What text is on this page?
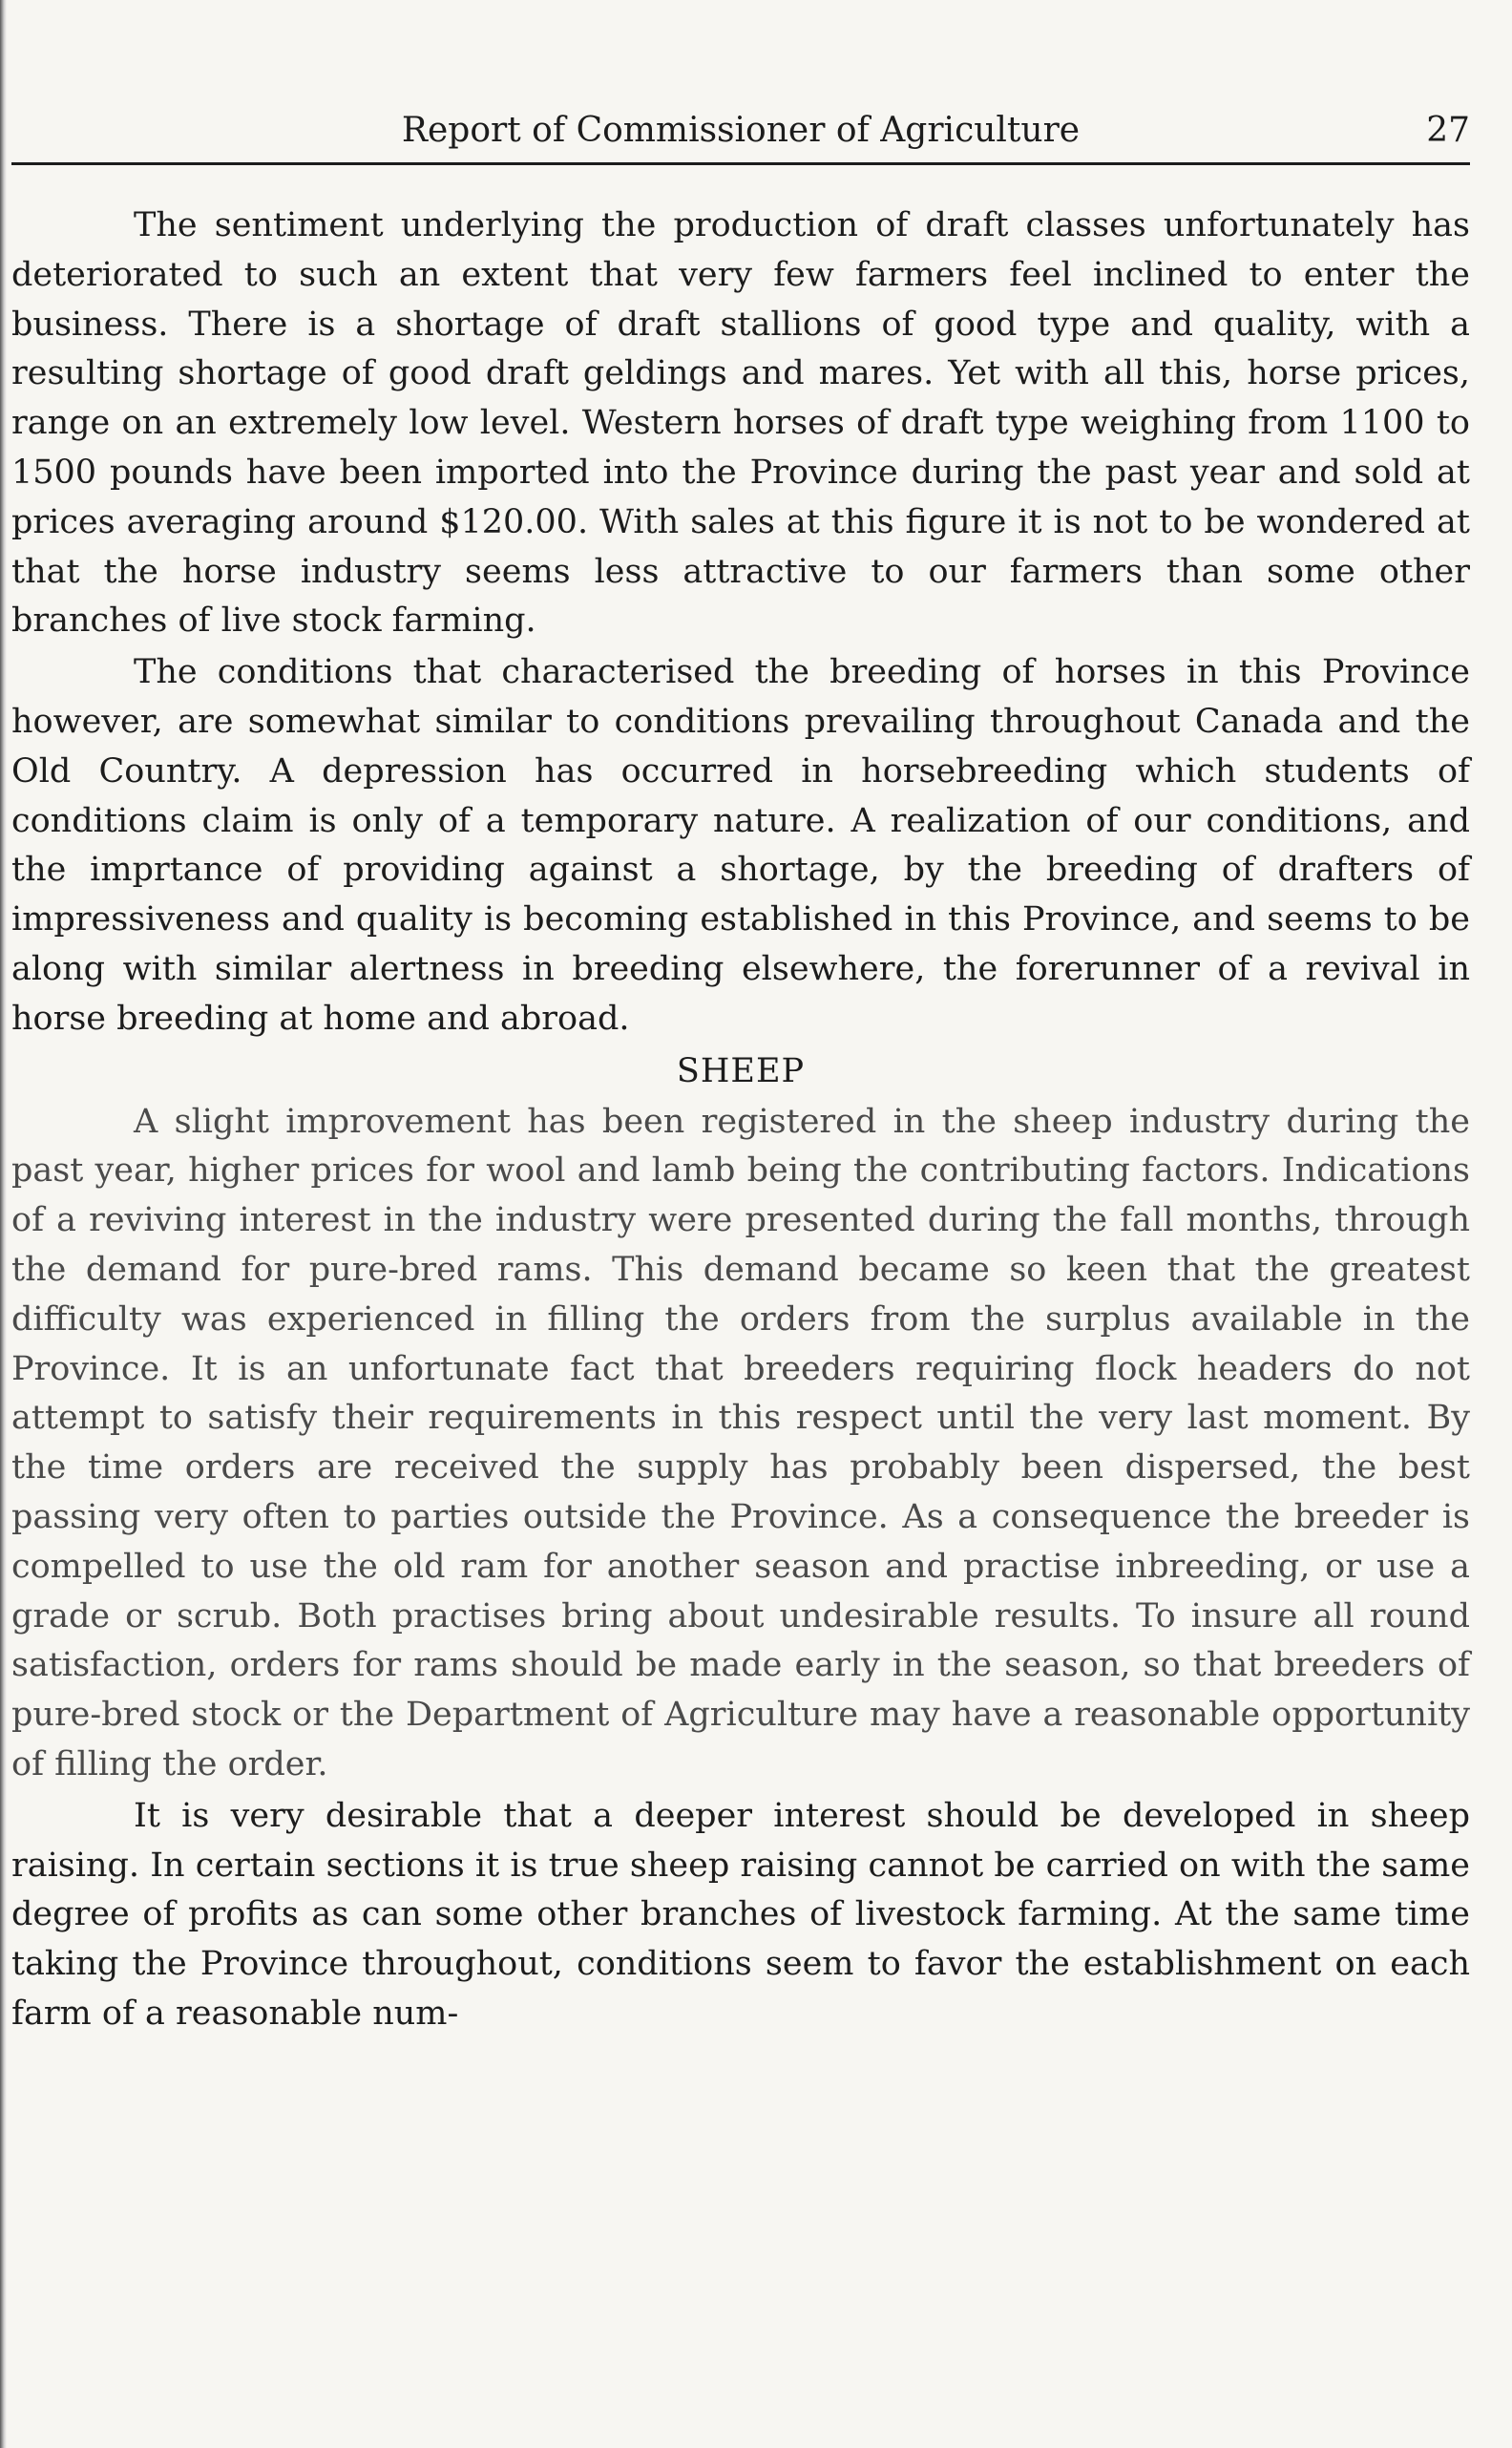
Report of Commissioner of Agriculture	27

The sentiment underlying the production of draft classes unfortunately has deteriorated to such an extent that very few farmers feel inclined to enter the business. There is a shortage of draft stallions of good type and quality, with a resulting shortage of good draft geldings and mares. Yet with all this, horse prices, range on an extremely low level. Western horses of draft type weighing from 1100 to 1500 pounds have been imported into the Province during the past year and sold at prices averaging around $120.00. With sales at this figure it is not to be wondered at that the horse industry seems less attractive to our farmers than some other branches of live stock farming.

The conditions that characterised the breeding of horses in this Province however, are somewhat similar to conditions prevailing throughout Canada and the Old Country. A depression has occurred in horsebreeding which students of conditions claim is only of a temporary nature. A realization of our conditions, and the imprtance of providing against a shortage, by the breeding of drafters of impressiveness and quality is becoming established in this Province, and seems to be along with similar alertness in breeding elsewhere, the forerunner of a revival in horse breeding at home and abroad.

SHEEP

A slight improvement has been registered in the sheep industry during the past year, higher prices for wool and lamb being the contributing factors. Indications of a reviving interest in the industry were presented during the fall months, through the demand for pure-bred rams. This demand became so keen that the greatest difficulty was experienced in filling the orders from the surplus available in the Province. It is an unfortunate fact that breeders requiring flock headers do not attempt to satisfy their requirements in this respect until the very last moment. By the time orders are received the supply has probably been dispersed, the best passing very often to parties outside the Province. As a consequence the breeder is compelled to use the old ram for another season and practise inbreeding, or use a grade or scrub. Both practises bring about undesirable results. To insure all round satisfaction, orders for rams should be made early in the season, so that breeders of pure-bred stock or the Department of Agriculture may have a reasonable opportunity of filling the order.

It is very desirable that a deeper interest should be developed in sheep raising. In certain sections it is true sheep raising cannot be carried on with the same degree of profits as can some other branches of livestock farming. At the same time taking the Province throughout, conditions seem to favor the establishment on each farm of a reasonable num-
